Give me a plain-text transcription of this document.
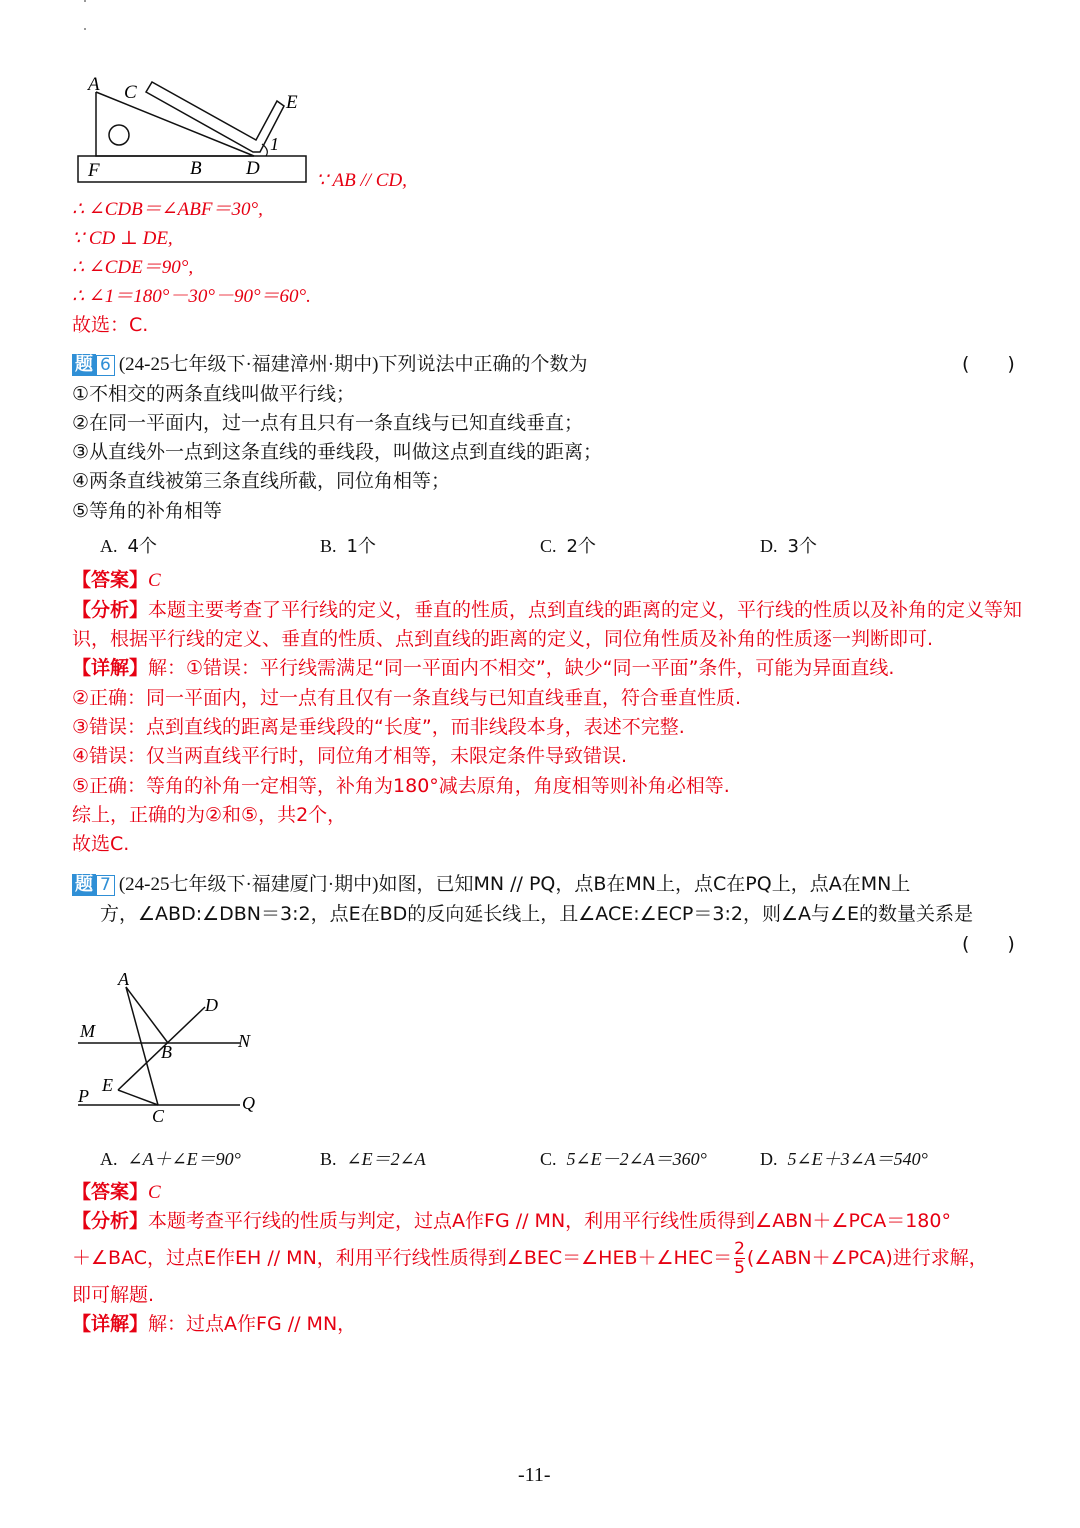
A C	E
1
F	B D
∵ AB // CD,
∴ ∠CDB＝∠ABF＝30°,
∵ CD ⊥ DE,
∴ ∠CDE＝90°,
∴ ∠1＝180°－30°－90°＝60°.
故选：C.
题 6 (24-25七年级下·福建漳州·期中)下列说法中正确的个数为	(　　)
①不相交的两条直线叫做平行线；
②在同一平面内，过一点有且只有一条直线与已知直线垂直；
③从直线外一点到这条直线的垂线段，叫做这点到直线的距离；
④两条直线被第三条直线所截，同位角相等；
⑤等角的补角相等
A. 4个	B. 1个	C. 2个	D. 3个
【答案】C
【分析】本题主要考查了平行线的定义，垂直的性质，点到直线的距离的定义，平行线的性质以及补角的定义等知
识，根据平行线的定义、垂直的性质、点到直线的距离的定义，同位角性质及补角的性质逐一判断即可.
【详解】解：①错误：平行线需满足“同一平面内不相交”，缺少“同一平面”条件，可能为异面直线.
②正确：同一平面内，过一点有且仅有一条直线与已知直线垂直，符合垂直性质.
③错误：点到直线的距离是垂线段的“长度”，而非线段本身，表述不完整.
④错误：仅当两直线平行时，同位角才相等，未限定条件导致错误.
⑤正确：等角的补角一定相等，补角为180°减去原角，角度相等则补角必相等.
综上，正确的为②和⑤，共2个，
故选C.
题 7 (24-25七年级下·福建厦门·期中)如图，已知MN // PQ，点B在MN上，点C在PQ上，点A在MN上
方，∠ABD:∠DBN＝3:2，点E在BD的反向延长线上，且∠ACE:∠ECP＝3:2，则∠A与∠E的数量关系是
(　　)
A
D
M	N
B
E
P
C
Q
A. ∠A＋∠E＝90°	B. ∠E＝2∠A	C. 5∠E－2∠A＝360°	D. 5∠E＋3∠A＝540°
【答案】C
【分析】本题考查平行线的性质与判定，过点A作FG // MN，利用平行线性质得到∠ABN＋∠PCA＝180°
＋∠BAC，过点E作EH // MN，利用平行线性质得到∠BEC＝∠HEB＋∠HEC＝ $\frac{2}{5}$ (∠ABN＋∠PCA)进行求解，
即可解题.
【详解】解：过点A作FG // MN，
-11-
